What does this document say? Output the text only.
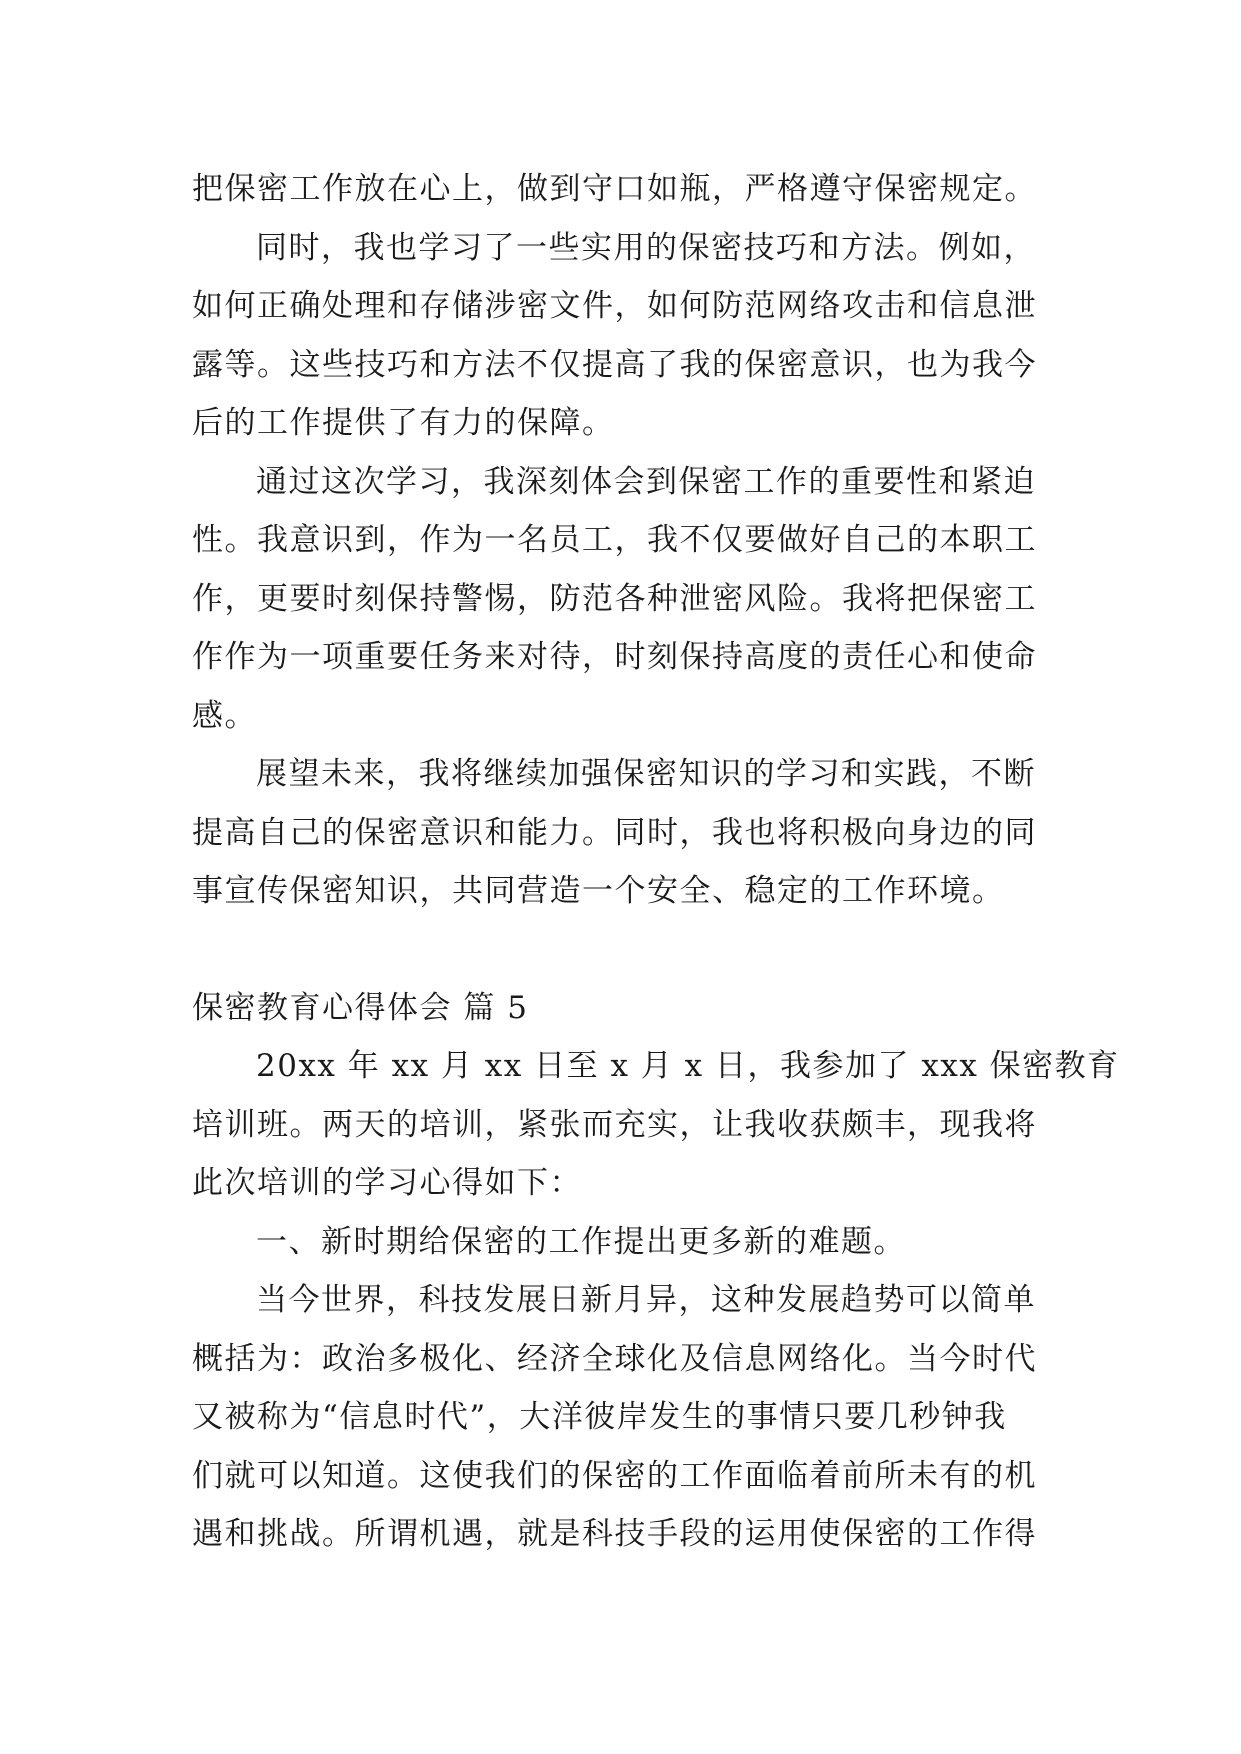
把保密工作放在心上，做到守口如瓶，严格遵守保密规定。
同时，我也学习了一些实用的保密技巧和方法。例如，
如何正确处理和存储涉密文件，如何防范网络攻击和信息泄
露等。这些技巧和方法不仅提高了我的保密意识，也为我今
后的工作提供了有力的保障。
通过这次学习，我深刻体会到保密工作的重要性和紧迫
性。我意识到，作为一名员工，我不仅要做好自己的本职工
作，更要时刻保持警惕，防范各种泄密风险。我将把保密工
作作为一项重要任务来对待，时刻保持高度的责任心和使命
感。
展望未来，我将继续加强保密知识的学习和实践，不断
提高自己的保密意识和能力。同时，我也将积极向身边的同
事宣传保密知识，共同营造一个安全、稳定的工作环境。
保密教育心得体会 篇 5
20xx 年 xx 月 xx 日至 x 月 x 日，我参加了 xxx 保密教育
培训班。两天的培训，紧张而充实，让我收获颇丰，现我将
此次培训的学习心得如下：
一、新时期给保密的工作提出更多新的难题。
当今世界，科技发展日新月异，这种发展趋势可以简单
概括为：政治多极化、经济全球化及信息网络化。当今时代
又被称为“信息时代”，大洋彼岸发生的事情只要几秒钟我
们就可以知道。这使我们的保密的工作面临着前所未有的机
遇和挑战。所谓机遇，就是科技手段的运用使保密的工作得
